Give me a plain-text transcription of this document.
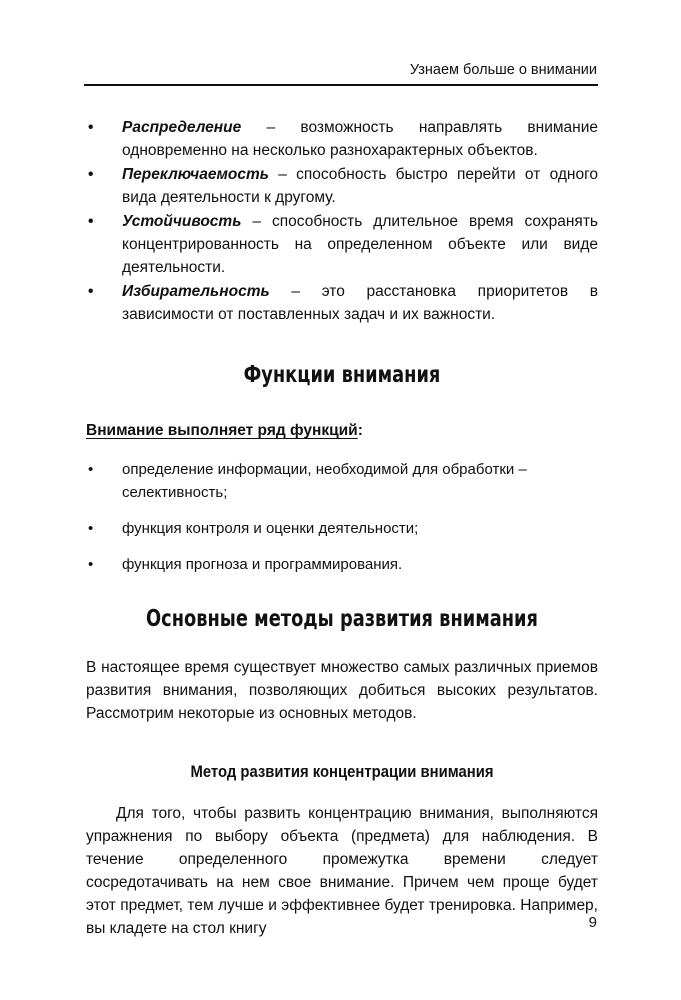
Узнаем больше о внимании
• Распределение – возможность направлять внимание одновременно на несколько разнохарактерных объектов.
• Переключаемость – способность быстро перейти от одного вида деятельности к другому.
• Устойчивость – способность длительное время сохранять концентрированность на определенном объекте или виде деятельности.
• Избирательность – это расстановка приоритетов в зависимости от поставленных задач и их важности.
Функции внимания

Внимание выполняет ряд функций:

• определение информации, необходимой для обработки – селективность;
• функция контроля и оценки деятельности;
• функция прогноза и программирования.
Основные методы развития внимания

В настоящее время существует множество самых различных приемов развития внимания, позволяющих добиться высоких результатов. Рассмотрим некоторые из основных методов.

Метод развития концентрации внимания

Для того, чтобы развить концентрацию внимания, выполняются упражнения по выбору объекта (предмета) для наблюдения. В течение определенного промежутка времени следует сосредотачивать на нем свое внимание. Причем чем проще будет этот предмет, тем лучше и эффективнее будет тренировка. Например, вы кладете на стол книгу	9
